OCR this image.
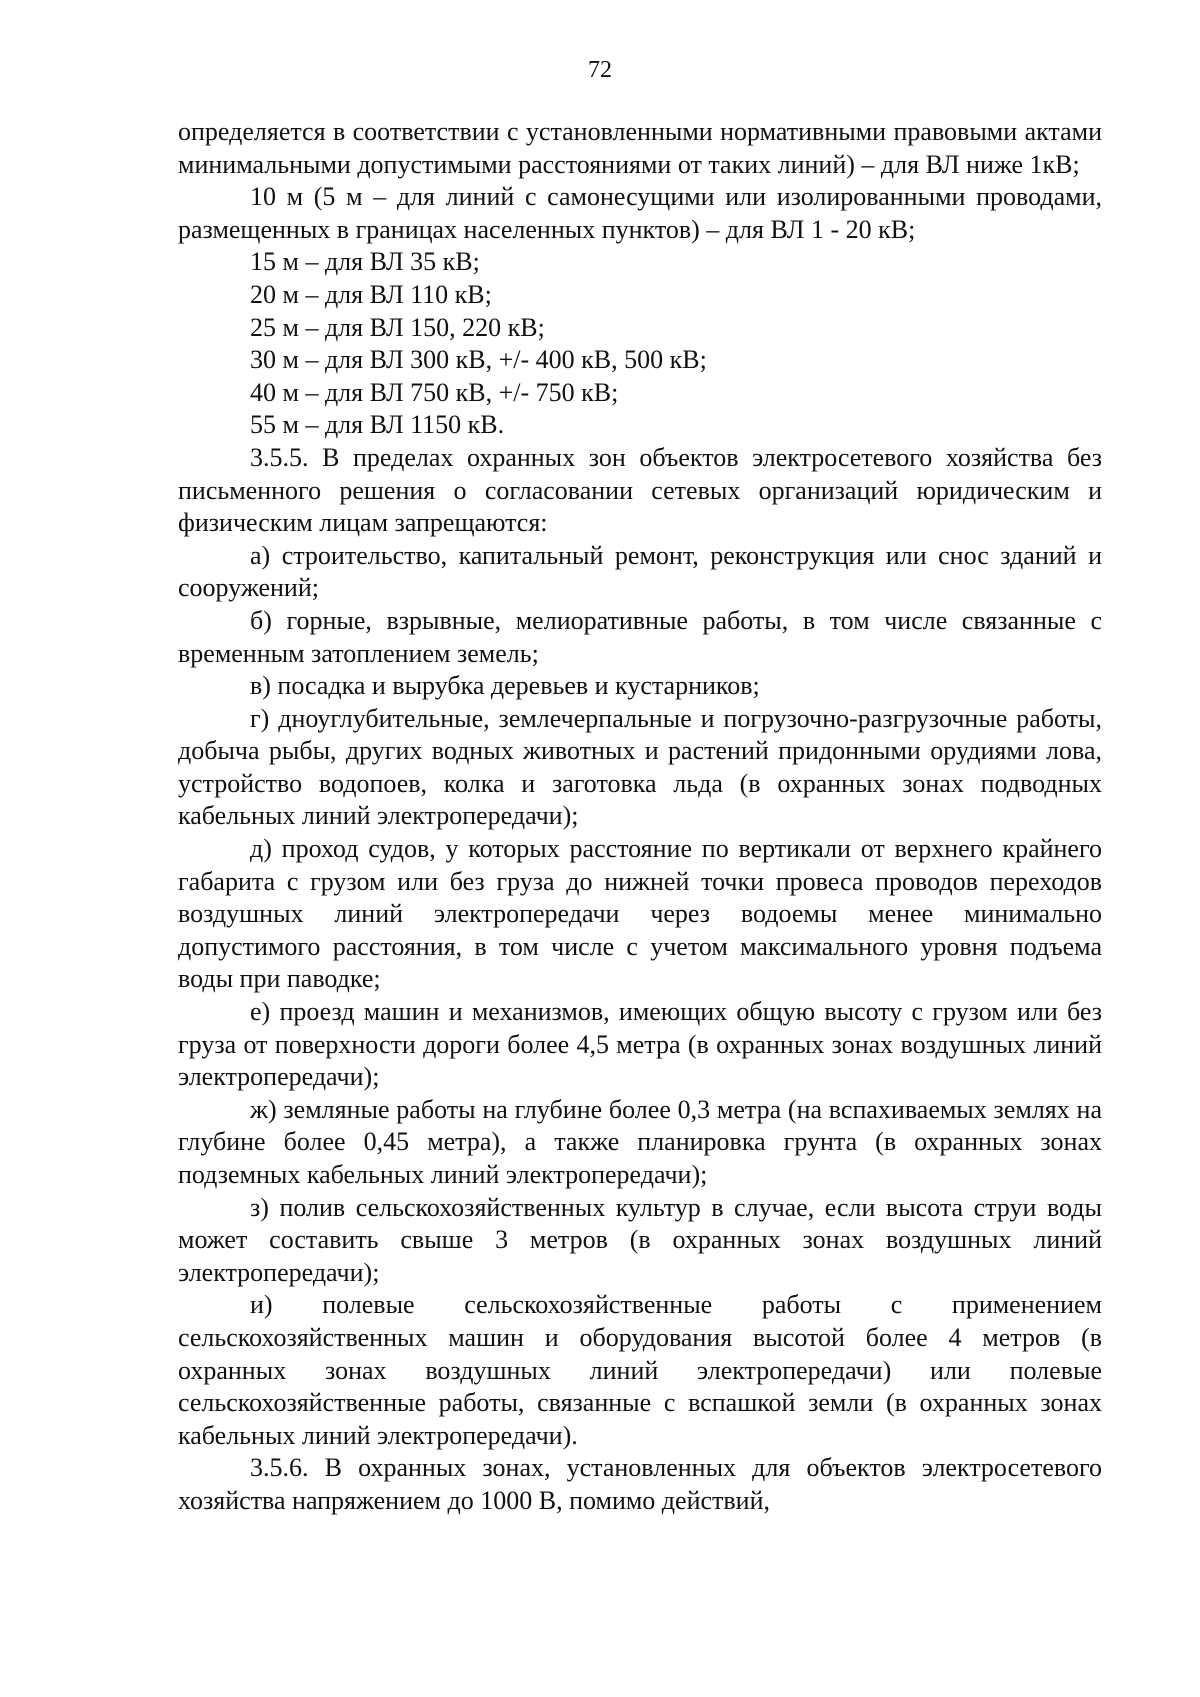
72

определяется в соответствии с установленными нормативными правовыми актами минимальными допустимыми расстояниями от таких линий) – для ВЛ ниже 1кВ;

10 м (5 м – для линий с самонесущими или изолированными проводами, размещенных в границах населенных пунктов) – для ВЛ 1 - 20 кВ;

15 м – для ВЛ 35 кВ;

20 м – для ВЛ 110 кВ;

25 м – для ВЛ 150, 220 кВ;

30 м – для ВЛ 300 кВ, +/- 400 кВ, 500 кВ;

40 м – для ВЛ 750 кВ, +/- 750 кВ;

55 м – для ВЛ 1150 кВ.

3.5.5. В пределах охранных зон объектов электросетевого хозяйства без письменного решения о согласовании сетевых организаций юридическим и физическим лицам запрещаются:

а) строительство, капитальный ремонт, реконструкция или снос зданий и сооружений;

б) горные, взрывные, мелиоративные работы, в том числе связанные с временным затоплением земель;

в) посадка и вырубка деревьев и кустарников;

г) дноуглубительные, землечерпальные и погрузочно-разгрузочные работы, добыча рыбы, других водных животных и растений придонными орудиями лова, устройство водопоев, колка и заготовка льда (в охранных зонах подводных кабельных линий электропередачи);

д) проход судов, у которых расстояние по вертикали от верхнего крайнего габарита с грузом или без груза до нижней точки провеса проводов переходов воздушных линий электропередачи через водоемы менее минимально допустимого расстояния, в том числе с учетом максимального уровня подъема воды при паводке;

е) проезд машин и механизмов, имеющих общую высоту с грузом или без груза от поверхности дороги более 4,5 метра (в охранных зонах воздушных линий электропередачи);

ж) земляные работы на глубине более 0,3 метра (на вспахиваемых землях на глубине более 0,45 метра), а также планировка грунта (в охранных зонах подземных кабельных линий электропередачи);

з) полив сельскохозяйственных культур в случае, если высота струи воды может составить свыше 3 метров (в охранных зонах воздушных линий электропередачи);

и) полевые сельскохозяйственные работы с применением сельскохозяйственных машин и оборудования высотой более 4 метров (в охранных зонах воздушных линий электропередачи) или полевые сельскохозяйственные работы, связанные с вспашкой земли (в охранных зонах кабельных линий электропередачи).

3.5.6. В охранных зонах, установленных для объектов электросетевого хозяйства напряжением до 1000 В, помимо действий,
